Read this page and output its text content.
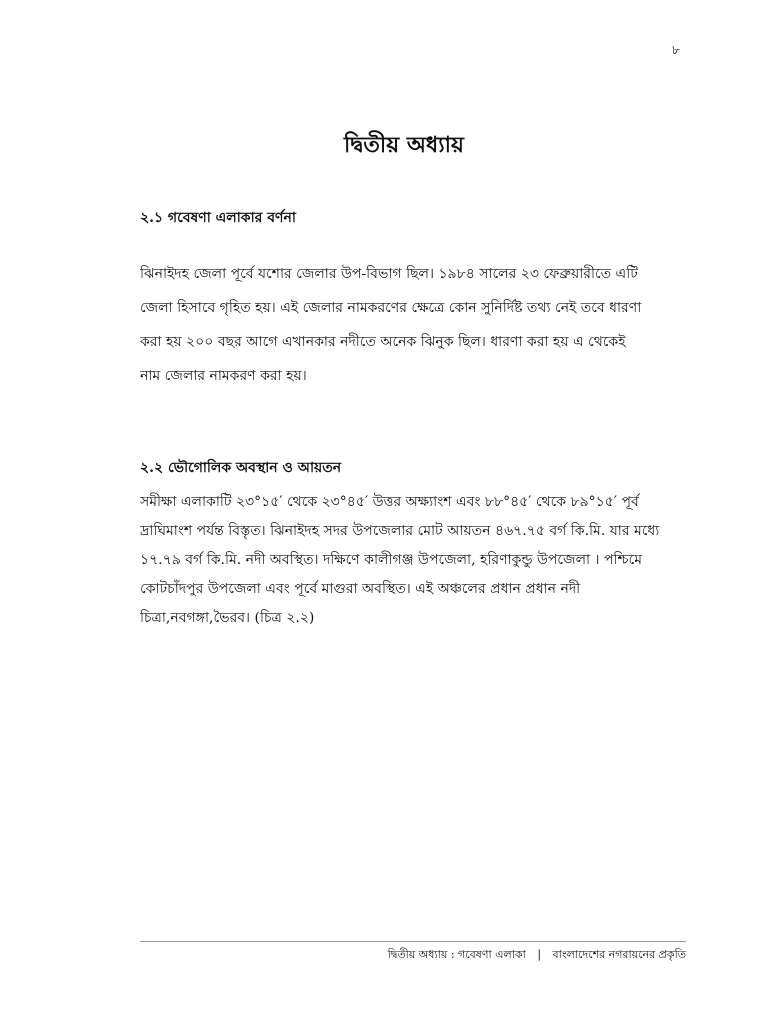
৮
দ্বিতীয় অধ্যায়
২.১ গবেষণা এলাকার বর্ণনা
ঝিনাইদহ জেলা পূর্বে যশোর জেলার উপ-বিভাগ ছিল। ১৯৮৪ সালের ২৩ ফেব্রুয়ারীতে এটি
জেলা হিসাবে গৃহিত হয়। এই জেলার নামকরণের ক্ষেত্রে কোন সুনির্দিষ্ট তথ্য নেই তবে ধারণা
করা হয় ২০০ বছর আগে এখানকার নদীতে অনেক ঝিনুক ছিল। ধারণা করা হয় এ থেকেই
নাম জেলার নামকরণ করা হয়।
২.২ ভৌগোলিক অবস্থান ও আয়তন
সমীক্ষা এলাকাটি ২৩°১৫′ থেকে ২৩°৪৫′ উত্তর অক্ষ্যাংশ এবং ৮৮°৪৫′ থেকে ৮৯°১৫′ পূর্ব
দ্রাঘিমাংশ পর্যন্ত বিস্তৃত। ঝিনাইদহ সদর উপজেলার মোট আয়তন ৪৬৭.৭৫ বর্গ কি.মি. যার মধ্যে
১৭.৭৯ বর্গ কি.মি. নদী অবস্থিত। দক্ষিণে কালীগঞ্জ উপজেলা, হরিণাকুন্ডু উপজেলা । পশ্চিমে
কোটচাঁদপুর উপজেলা এবং পূর্বে মাগুরা অবস্থিত। এই অঞ্চলের প্রধান প্রধান নদী
চিত্রা,নবগঙ্গা,ভৈরব। (চিত্র ২.২)
দ্বিতীয় অধ্যায় : গবেষণা এলাকা | বাংলাদেশের নগরায়নের প্রকৃতি
